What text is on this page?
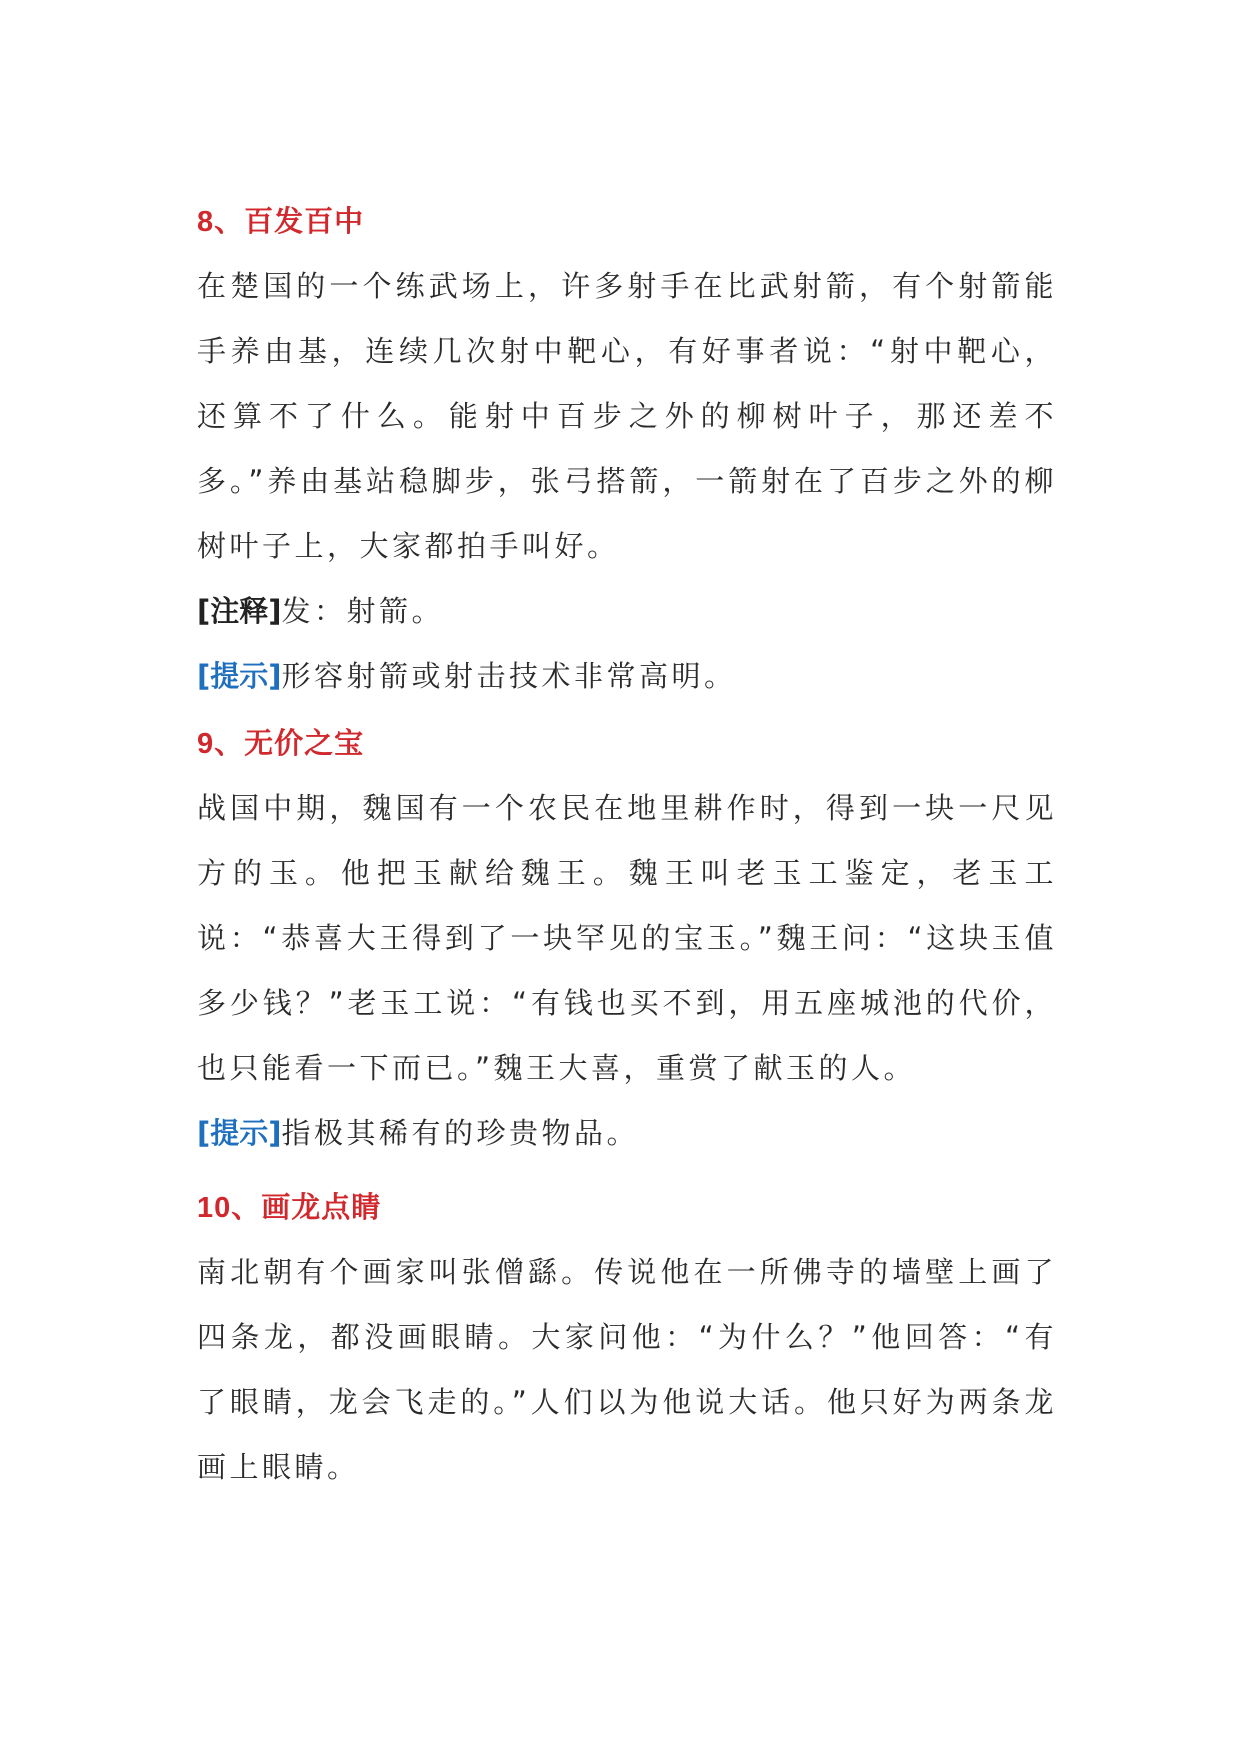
8、百发百中

在楚国的一个练武场上，许多射手在比武射箭，有个射箭能手养由基，连续几次射中靶心，有好事者说：“射中靶心，还算不了什么。能射中百步之外的柳树叶子，那还差不多。”养由基站稳脚步，张弓搭箭，一箭射在了百步之外的柳树叶子上，大家都拍手叫好。

[注释]发：射箭。

[提示]形容射箭或射击技术非常高明。

9、无价之宝

战国中期，魏国有一个农民在地里耕作时，得到一块一尺见方的玉。他把玉献给魏王。魏王叫老玉工鉴定，老玉工说：“恭喜大王得到了一块罕见的宝玉。”魏王问：“这块玉值多少钱？”老玉工说：“有钱也买不到，用五座城池的代价，也只能看一下而已。”魏王大喜，重赏了献玉的人。

[提示]指极其稀有的珍贵物品。

10、画龙点睛

南北朝有个画家叫张僧繇。传说他在一所佛寺的墙壁上画了四条龙，都没画眼睛。大家问他：“为什么？”他回答：“有了眼睛，龙会飞走的。”人们以为他说大话。他只好为两条龙画上眼睛。
